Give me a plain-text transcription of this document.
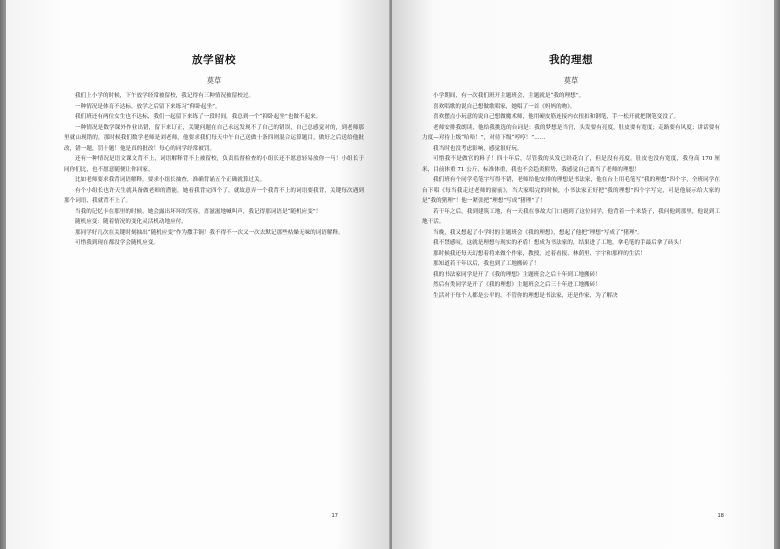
放学留校
莫草

我们上小学的时候，下午放学经常被留校，我记得有三种情况被留校过。

一种情况是体育不达标，放学之后留下来练习“仰卧起坐”。

我们班还有两位女生也不达标，我们一起留下来练了一段时间，我总到一个“抑卧起坐”也做不起来。

一种情况是数学课外作业出错，留下来订正，关键问题在自己永远发现不了自己的错误，自己总感觉对的，到老师那里就山现错的，那时候我们数学老师是刘老师，他要求我们每天中午自己送做十条四则混合运算题目，做好之后送给他批改，错一题，罚十题！他是真的批改！每心的同学经常被罚。

还有一种情况是语文课文背不上，词语解释背不上被留校，负责监督检查的小组长还不愿意轻易放你一马！小组长于同你们比，也不愿意随便让你回家。

比如老师要求我背词语解释，要求小组长抽查，准确背诵五个正确就算过关。

有个小组长也许天生就具备做老师的潜能，她看我背完四个了，就故意弄一个我背不上的词语要我背，关键每次遇到那个词语，我就背不上了。

当我的记忆卡在那里的时候，她会露出坏坏的笑容，喜滋滋地喊叫声，我记得那词语是“随机应变”！

随机应变：随着情况的变化灵活机动地应付。

那同学好几次在关键时刻抽出“随机应变”作为撒手锏！我不得不一次又一次去默记那些枯燥无味的词语解释。

可惜我到现在都没学会随机应变。

17
我的理想
莫草

小学期间，有一次我们班开主题班会，主题就是“我的理想”。

喜欢唱歌的说自己想做歌唱家，她唱了一首《妈妈的吻》。

喜欢摆点小玩意的说自己想做魔术师，他用硬皮筋连接内衣扭扣和钢笔，手一松开就把钢笔变没了。

老师安排我朗读，他给我挑选的台词是：我的梦想是当官，头发要有亮度，肚皮要有宽度；走路要有风度；讲话要有力度—对待上级“哈哈！”，对待下级“哼哼！”……

我当时也没考虑影响，感觉很好玩。

可惜我不是做官的料子！四十年后，尽管我的头发已经花白了，但是没有亮度，肚皮也没有宽度，我身高 170 厘米，目前体重 71 公斤，标准体重，我也不会趋炎附势，我感觉自己离当了老师的理想！

我们班有个同学毛笔字写得不错，老师给他安排的理想是书法家，他在台上用毛笔写“我的理想”四个字，全班同学在台下唱《每当我走过老师的窗前》，当大家唱完的时候，小书法家正好把“我的理想”四个字写完，可是他展示给大家的是“我的猪理”！他一紧张把“理想”写成“猪理”了！

若干年之后，我到建筑工地，有一天我在事故大门口遇到了这位同学，他背着一个米袋子，我问他到那里，他说到工地干活。

当晚，我又想起了小学时的主题班会《我的理想》，想起了他把“理想”写成了“猪理”。

我不禁感叹，这就是理想与现实的矛盾！想成为书法家的，结果进了工地，拿毛笔的手最后拿了砖头！

那时候我还每天幻想着将来做个作家，教授，过着看报、林荫里、宇宇和那样的生活！

那知道若干年以后，我也到了工地搬砖了！

我的书法家同学是开了《我的理想》主题班会之后十年到工地搬砖！

然后有类同学是开了《我的理想》主题班会之后三十年进工地搬砖！

生活对于每个人都是公平的，不管你的理想是书法家，还是作家，为了解决

18
